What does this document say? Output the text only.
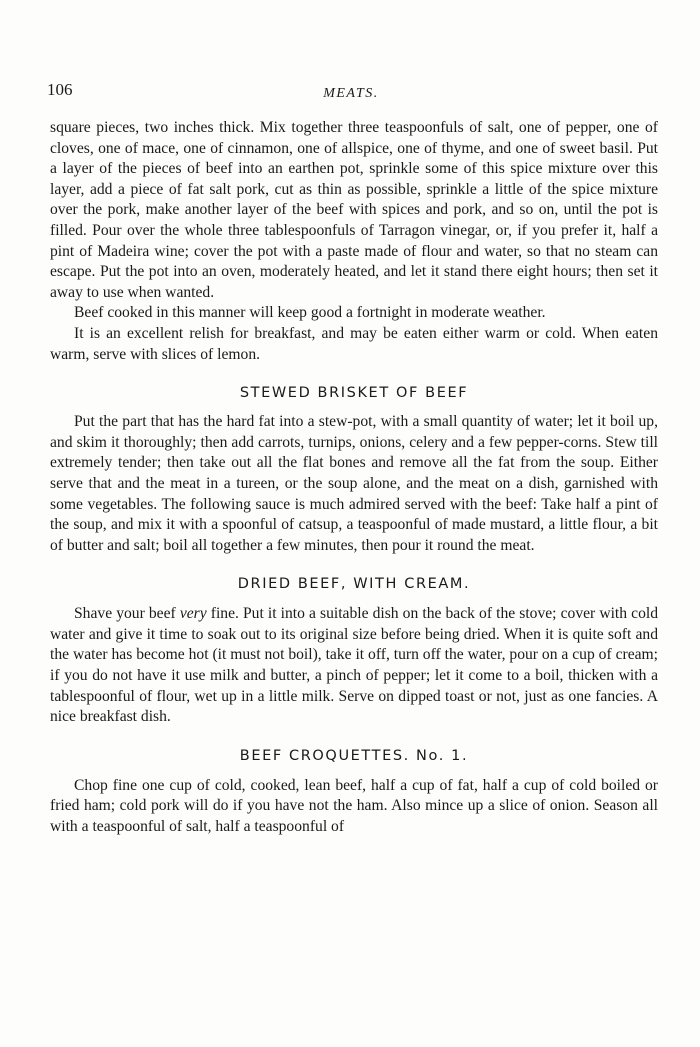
106	MEATS.

square pieces, two inches thick. Mix together three teaspoonfuls of salt, one of pepper, one of cloves, one of mace, one of cinnamon, one of allspice, one of thyme, and one of sweet basil. Put a layer of the pieces of beef into an earthen pot, sprinkle some of this spice mixture over this layer, add a piece of fat salt pork, cut as thin as possible, sprinkle a little of the spice mixture over the pork, make another layer of the beef with spices and pork, and so on, until the pot is filled. Pour over the whole three tablespoonfuls of Tarragon vinegar, or, if you prefer it, half a pint of Madeira wine; cover the pot with a paste made of flour and water, so that no steam can escape. Put the pot into an oven, moderately heated, and let it stand there eight hours; then set it away to use when wanted.

Beef cooked in this manner will keep good a fortnight in moderate weather.

It is an excellent relish for breakfast, and may be eaten either warm or cold. When eaten warm, serve with slices of lemon.

STEWED BRISKET OF BEEF

Put the part that has the hard fat into a stew-pot, with a small quantity of water; let it boil up, and skim it thoroughly; then add carrots, turnips, onions, celery and a few pepper-corns. Stew till extremely tender; then take out all the flat bones and remove all the fat from the soup. Either serve that and the meat in a tureen, or the soup alone, and the meat on a dish, garnished with some vegetables. The following sauce is much admired served with the beef: Take half a pint of the soup, and mix it with a spoonful of catsup, a teaspoonful of made mustard, a little flour, a bit of butter and salt; boil all together a few minutes, then pour it round the meat.

DRIED BEEF, WITH CREAM.

Shave your beef very fine. Put it into a suitable dish on the back of the stove; cover with cold water and give it time to soak out to its original size before being dried. When it is quite soft and the water has become hot (it must not boil), take it off, turn off the water, pour on a cup of cream; if you do not have it use milk and butter, a pinch of pepper; let it come to a boil, thicken with a tablespoonful of flour, wet up in a little milk. Serve on dipped toast or not, just as one fancies. A nice breakfast dish.

BEEF CROQUETTES. No. 1.

Chop fine one cup of cold, cooked, lean beef, half a cup of fat, half a cup of cold boiled or fried ham; cold pork will do if you have not the ham. Also mince up a slice of onion. Season all with a teaspoonful of salt, half a teaspoonful of
